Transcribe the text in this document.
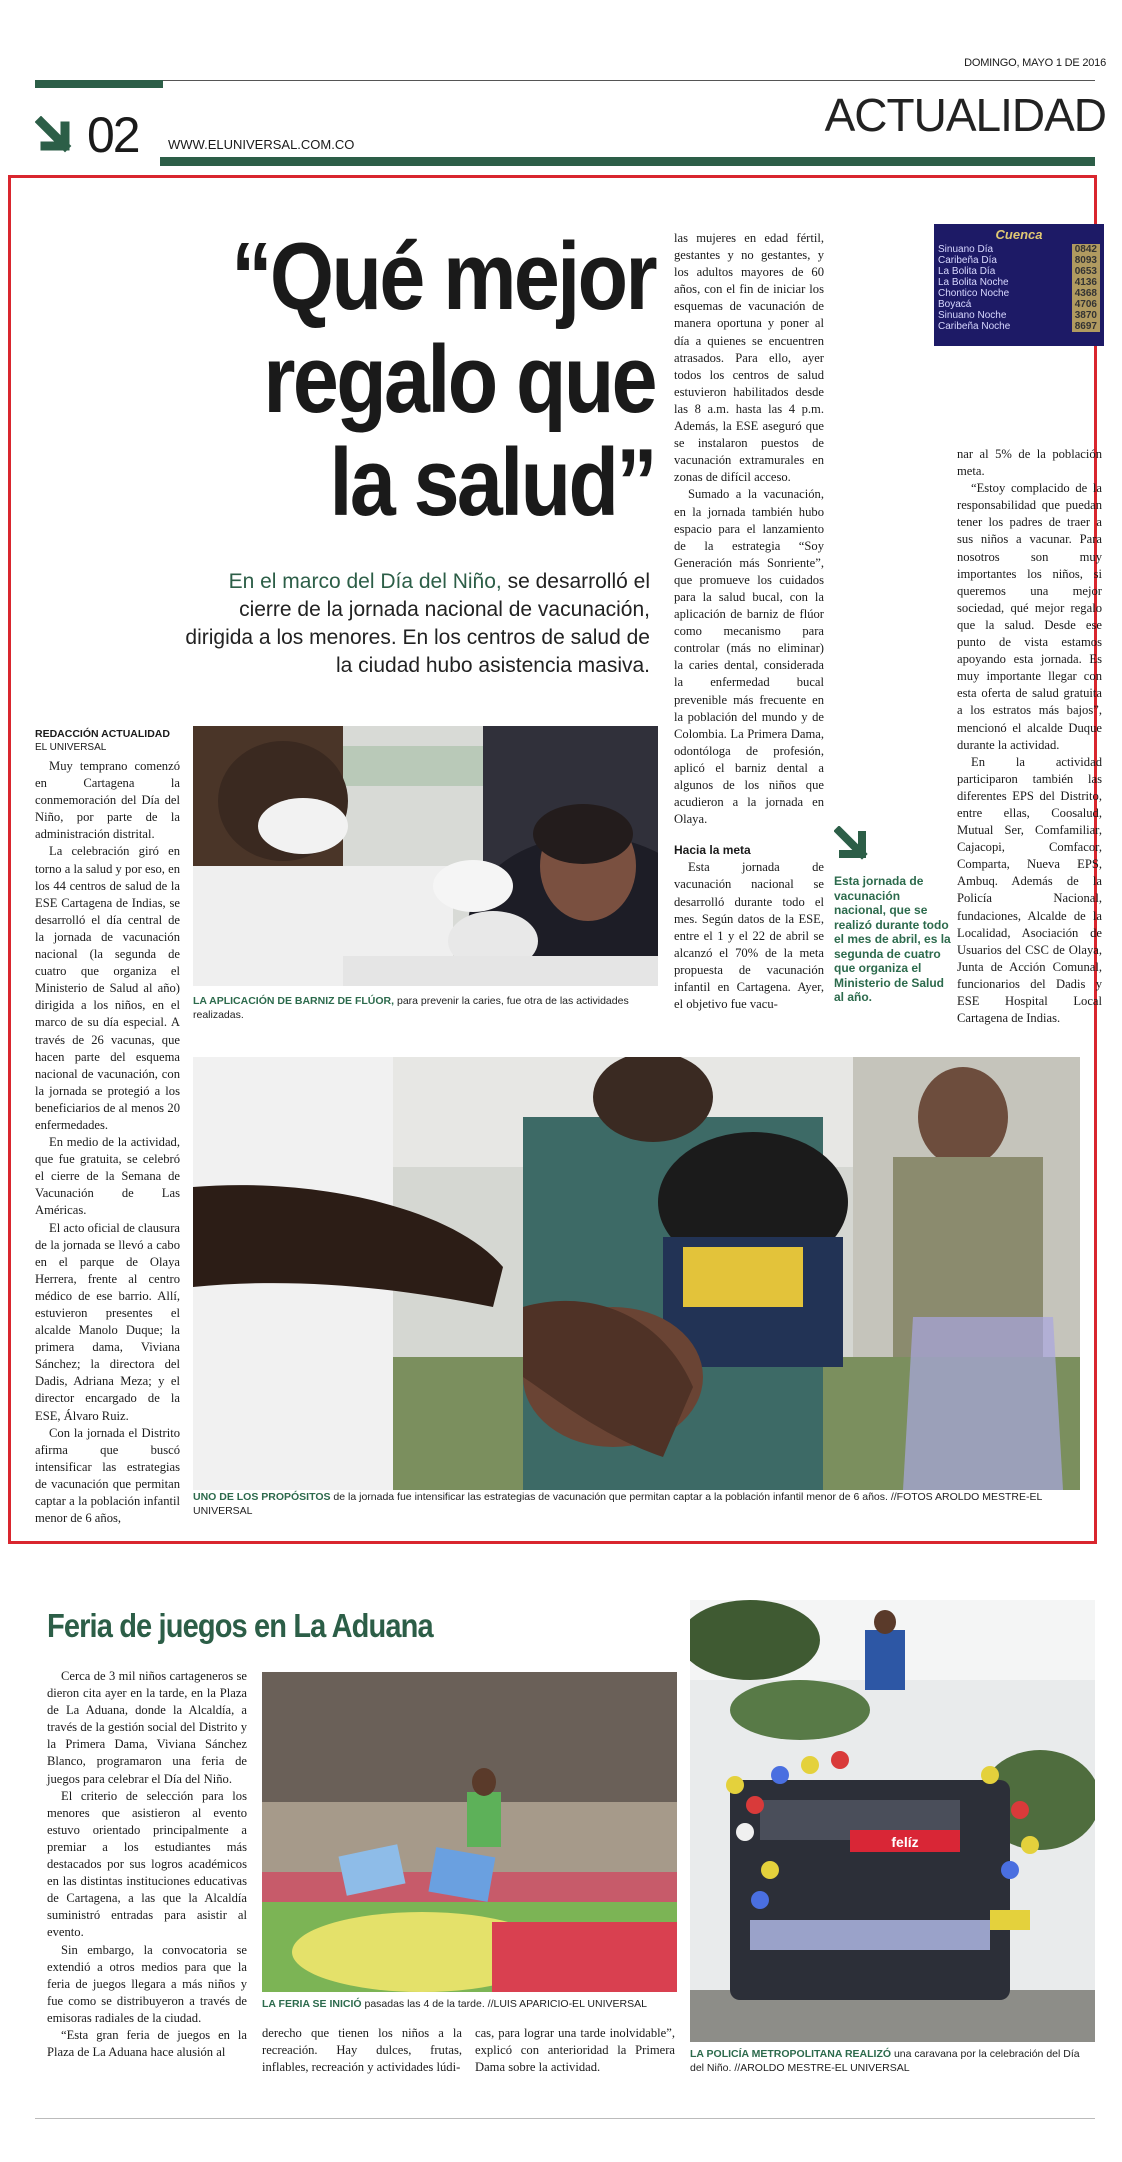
DOMINGO, MAYO 1 DE 2016
ACTUALIDAD
02 WWW.ELUNIVERSAL.COM.CO
Cuenca
Sinuano Día	0842
Caribeña Día	8093
La Bolita Día	0653
La Bolita Noche	4136
Chontico Noche	4368
Boyacá	4706
Sinuano Noche	3870
Caribeña Noche	8697
“Qué mejor regalo que la salud”
En el marco del Día del Niño, se desarrolló el cierre de la jornada nacional de vacunación, dirigida a los menores. En los centros de salud de la ciudad hubo asistencia masiva.
REDACCIÓN ACTUALIDAD
EL UNIVERSAL

Muy temprano comenzó en Cartagena la conmemoración del Día del Niño, por parte de la administración distrital.

La celebración giró en torno a la salud y por eso, en los 44 centros de salud de la ESE Cartagena de Indias, se desarrolló el día central de la jornada de vacunación nacional (la segunda de cuatro que organiza el Ministerio de Salud al año) dirigida a los niños, en el marco de su día especial. A través de 26 vacunas, que hacen parte del esquema nacional de vacunación, con la jornada se protegió a los beneficiarios de al menos 20 enfermedades.

En medio de la actividad, que fue gratuita, se celebró el cierre de la Semana de Vacunación de Las Américas.

El acto oficial de clausura de la jornada se llevó a cabo en el parque de Olaya Herrera, frente al centro médico de ese barrio. Allí, estuvieron presentes el alcalde Manolo Duque; la primera dama, Viviana Sánchez; la directora del Dadis, Adriana Meza; y el director encargado de la ESE, Álvaro Ruiz.

Con la jornada el Distrito afirma que buscó intensificar las estrategias de vacunación que permitan captar a la población infantil menor de 6 años,

las mujeres en edad fértil, gestantes y no gestantes, y los adultos mayores de 60 años, con el fin de iniciar los esquemas de vacunación de manera oportuna y poner al día a quienes se encuentren atrasados. Para ello, ayer todos los centros de salud estuvieron habilitados desde las 8 a.m. hasta las 4 p.m. Además, la ESE aseguró que se instalaron puestos de vacunación extramurales en zonas de difícil acceso.

Sumado a la vacunación, en la jornada también hubo espacio para el lanzamiento de la estrategia “Soy Generación más Sonriente”, que promueve los cuidados para la salud bucal, con la aplicación de barniz de flúor como mecanismo para controlar (más no eliminar) la caries dental, considerada la enfermedad bucal prevenible más frecuente en la población del mundo y de Colombia. La Primera Dama, odontóloga de profesión, aplicó el barniz dental a algunos de los niños que acudieron a la jornada en Olaya.

Hacia la meta

Esta jornada de vacunación nacional se desarrolló durante todo el mes. Según datos de la ESE, entre el 1 y el 22 de abril se alcanzó el 70% de la meta propuesta de vacunación infantil en Cartagena. Ayer, el objetivo fue vacu-

Esta jornada de vacunación nacional, que se realizó durante todo el mes de abril, es la segunda de cuatro que organiza el Ministerio de Salud al año.

nar al 5% de la población meta.

“Estoy complacido de la responsabilidad que puedan tener los padres de traer a sus niños a vacunar. Para nosotros son muy importantes los niños, si queremos una mejor sociedad, qué mejor regalo que la salud. Desde ese punto de vista estamos apoyando esta jornada. Es muy importante llegar con esta oferta de salud gratuita a los estratos más bajos”, mencionó el alcalde Duque durante la actividad.

En la actividad participaron también las diferentes EPS del Distrito, entre ellas, Coosalud, Mutual Ser, Comfamiliar, Cajacopi, Comfacor, Comparta, Nueva EPS, Ambuq. Además de la Policía Nacional, fundaciones, Alcalde de la Localidad, Asociación de Usuarios del CSC de Olaya, Junta de Acción Comunal, funcionarios del Dadis y ESE Hospital Local Cartagena de Indias.

LA APLICACIÓN DE BARNIZ DE FLÚOR, para prevenir la caries, fue otra de las actividades realizadas.
UNO DE LOS PROPÓSITOS de la jornada fue intensificar las estrategias de vacunación que permitan captar a la población infantil menor de 6 años. //FOTOS AROLDO MESTRE-EL UNIVERSAL
Feria de juegos en La Aduana

Cerca de 3 mil niños cartageneros se dieron cita ayer en la tarde, en la Plaza de La Aduana, donde la Alcaldía, a través de la gestión social del Distrito y la Primera Dama, Viviana Sánchez Blanco, programaron una feria de juegos para celebrar el Día del Niño.

El criterio de selección para los menores que asistieron al evento estuvo orientado principalmente a premiar a los estudiantes más destacados por sus logros académicos en las distintas instituciones educativas de Cartagena, a las que la Alcaldía suministró entradas para asistir al evento.

Sin embargo, la convocatoria se extendió a otros medios para que la feria de juegos llegara a más niños y fue como se distribuyeron a través de emisoras radiales de la ciudad.

“Esta gran feria de juegos en la Plaza de La Aduana hace alusión al

LA FERIA SE INICIÓ pasadas las 4 de la tarde. //LUIS APARICIO-EL UNIVERSAL

derecho que tienen los niños a la recreación. Hay dulces, frutas, inflables, recreación y actividades lúdi-

cas, para lograr una tarde inolvidable”, explicó con anterioridad la Primera Dama sobre la actividad.

felíz
LA POLICÍA METROPOLITANA REALIZÓ una caravana por la celebración del Día del Niño. //AROLDO MESTRE-EL UNIVERSAL
